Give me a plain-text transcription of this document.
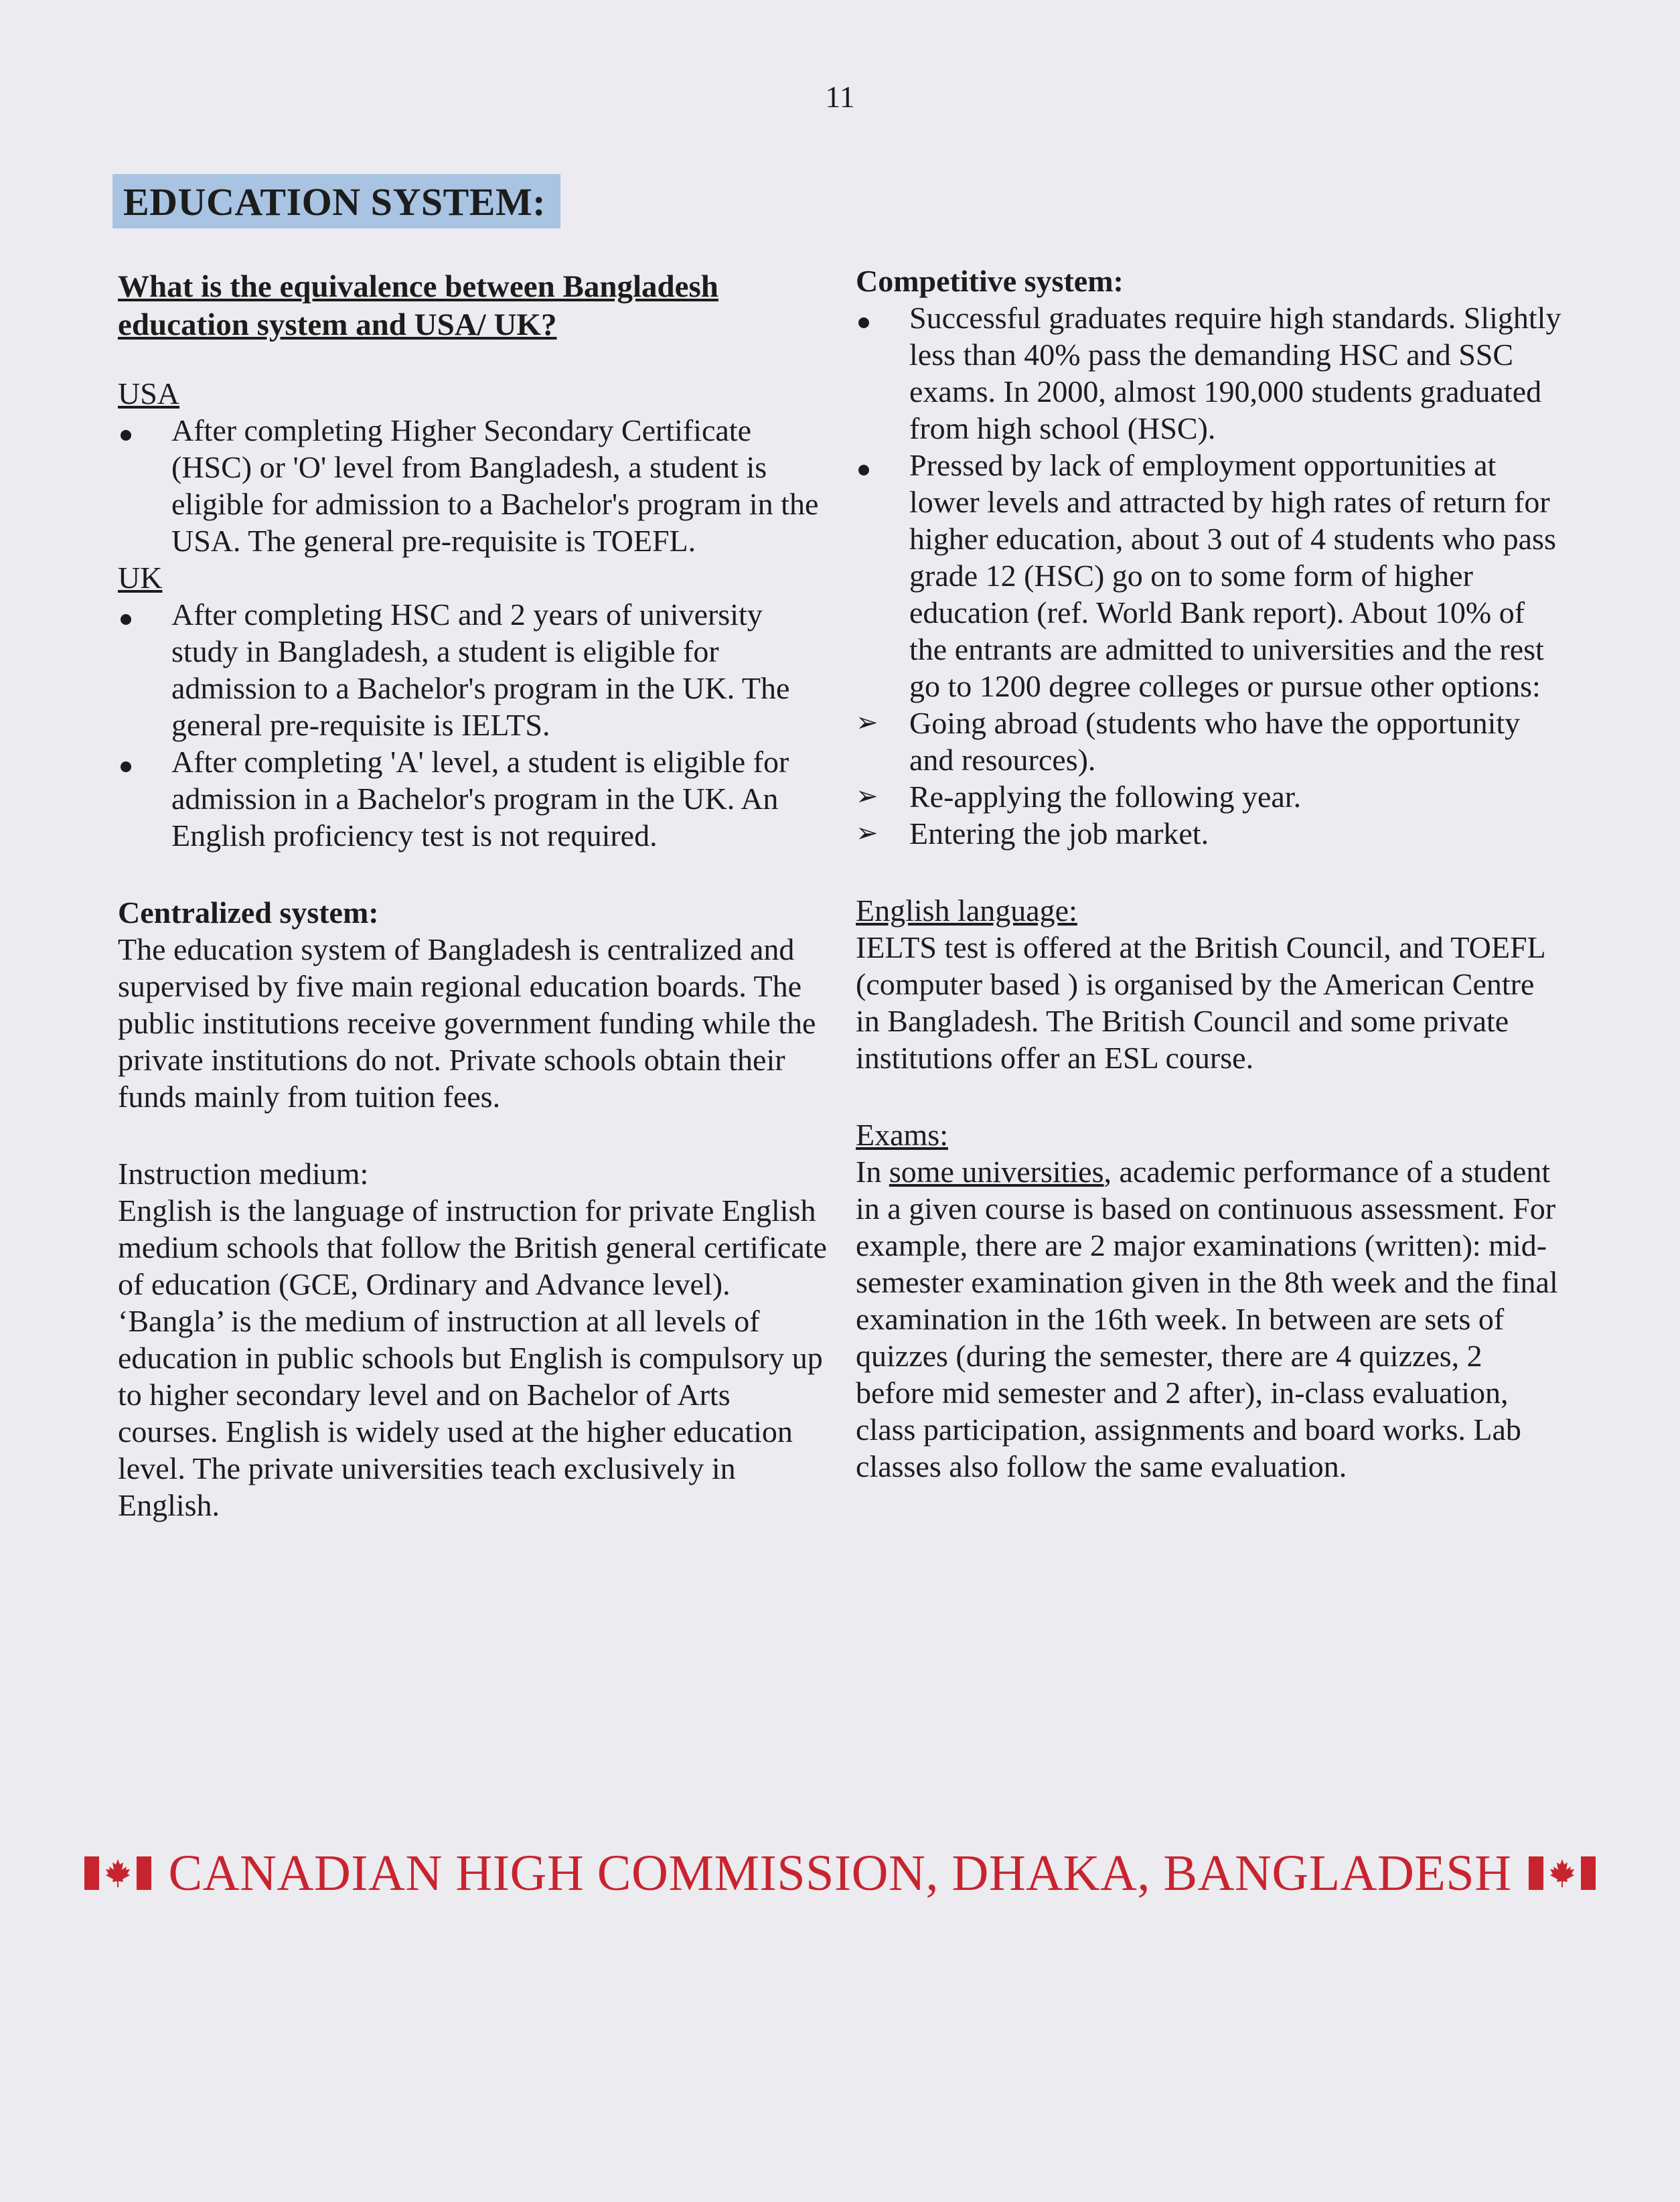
11
EDUCATION SYSTEM:
What is the equivalence between Bangladesh education system and USA/ UK?
USA
After completing Higher Secondary Certificate (HSC) or 'O' level from Bangladesh, a student is eligible for admission to a Bachelor's program in the USA. The general pre-requisite is TOEFL.
UK
After completing HSC and 2 years of university study in Bangladesh, a student is eligible for admission to a Bachelor's program in the UK. The general pre-requisite is IELTS.
After completing 'A' level, a student is eligible for admission in a Bachelor's program in the UK. An English proficiency test is not required.
Centralized system:
The education system of Bangladesh is centralized and supervised by five main regional education boards. The public institutions receive government funding while the private institutions do not. Private schools obtain their funds mainly from tuition fees.
Instruction medium:
English is the language of instruction for private English medium schools that follow the British general certificate of education (GCE, Ordinary and Advance level). ‘Bangla’ is the medium of instruction at all levels of education in public schools but English is compulsory up to higher secondary level and on Bachelor of Arts courses. English is widely used at the higher education level. The private universities teach exclusively in English.
Competitive system:
Successful graduates require high standards. Slightly less than 40% pass the demanding HSC and SSC exams. In 2000, almost 190,000 students graduated from high school (HSC).
Pressed by lack of employment opportunities at lower levels and attracted by high rates of return for higher education, about 3 out of 4 students who pass grade 12 (HSC) go on to some form of higher education (ref. World Bank report). About 10% of the entrants are admitted to universities and the rest go to 1200 degree colleges or pursue other options:
➢	Going abroad (students who have the opportunity and resources).
➢	Re-applying the following year.
➢	Entering the job market.
English language:
IELTS test is offered at the British Council, and TOEFL (computer based ) is organised by the American Centre in Bangladesh. The British Council and some private institutions offer an ESL course.
Exams:
In some universities, academic performance of a student in a given course is based on continuous assessment. For example, there are 2 major examinations (written): mid-semester examination given in the 8th week and the final examination in the 16th week. In between are sets of quizzes (during the semester, there are 4 quizzes, 2 before mid semester and 2 after), in-class evaluation, class participation, assignments and board works. Lab classes also follow the same evaluation.
CANADIAN HIGH COMMISSION, DHAKA, BANGLADESH
